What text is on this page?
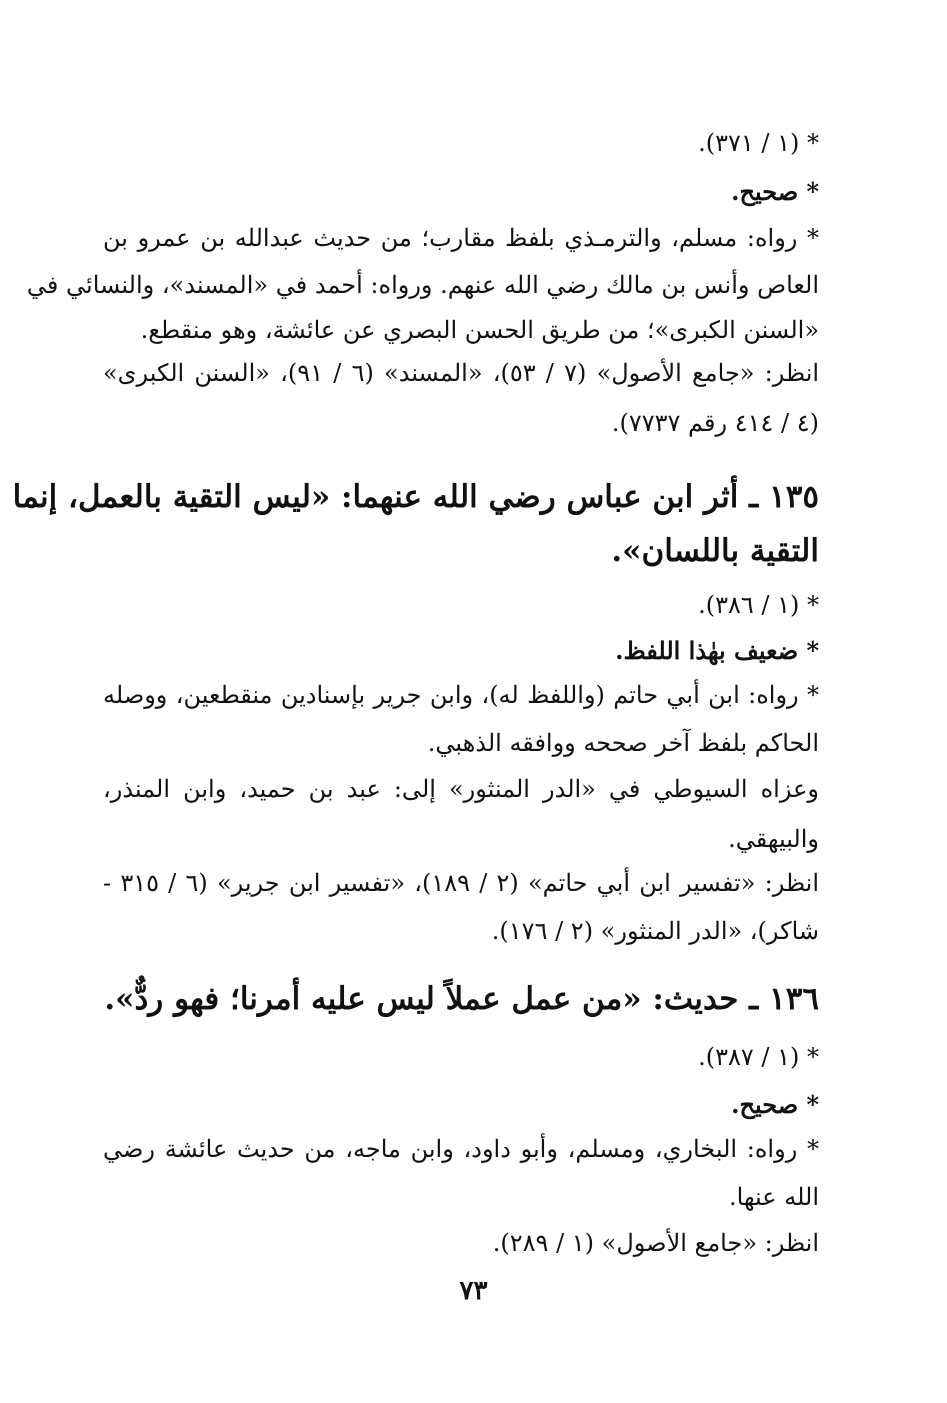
* (١ / ٣٧١).
* صحيح.
* رواه: مسلم، والترمـذي بلفظ مقارب؛ من حديث عبدالله بن عمرو بن
العاص وأنس بن مالك رضي الله عنهم. ورواه: أحمد في «المسند»، والنسائي في
«السنن الكبرى»؛ من طريق الحسن البصري عن عائشة، وهو منقطع.
انظر: «جامع الأصول» (٧ / ٥٣)، «المسند» (٦ / ٩١)، «السنن الكبرى»
(٤ / ٤١٤ رقم ٧٧٣٧).
١٣٥ ـ أثر ابن عباس رضي الله عنهما: «ليس التقية بالعمل، إنما
التقية باللسان».
* (١ / ٣٨٦).
* ضعيف بهٰذا اللفظ.
* رواه: ابن أبي حاتم (واللفظ له)، وابن جرير بإسنادين منقطعين، ووصله
الحاكم بلفظ آخر صححه ووافقه الذهبي.
وعزاه السيوطي في «الدر المنثور» إلى: عبد بن حميد، وابن المنذر،
والبيهقي.
انظر: «تفسير ابن أبي حاتم» (٢ / ١٨٩)، «تفسير ابن جرير» (٦ / ٣١٥ -
شاكر)، «الدر المنثور» (٢ / ١٧٦).
١٣٦ ـ حديث: «من عمل عملاً ليس عليه أمرنا؛ فهو ردٌّ».
* (١ / ٣٨٧).
* صحيح.
* رواه: البخاري، ومسلم، وأبو داود، وابن ماجه، من حديث عائشة رضي
الله عنها.
انظر: «جامع الأصول» (١ / ٢٨٩).
٧٣
